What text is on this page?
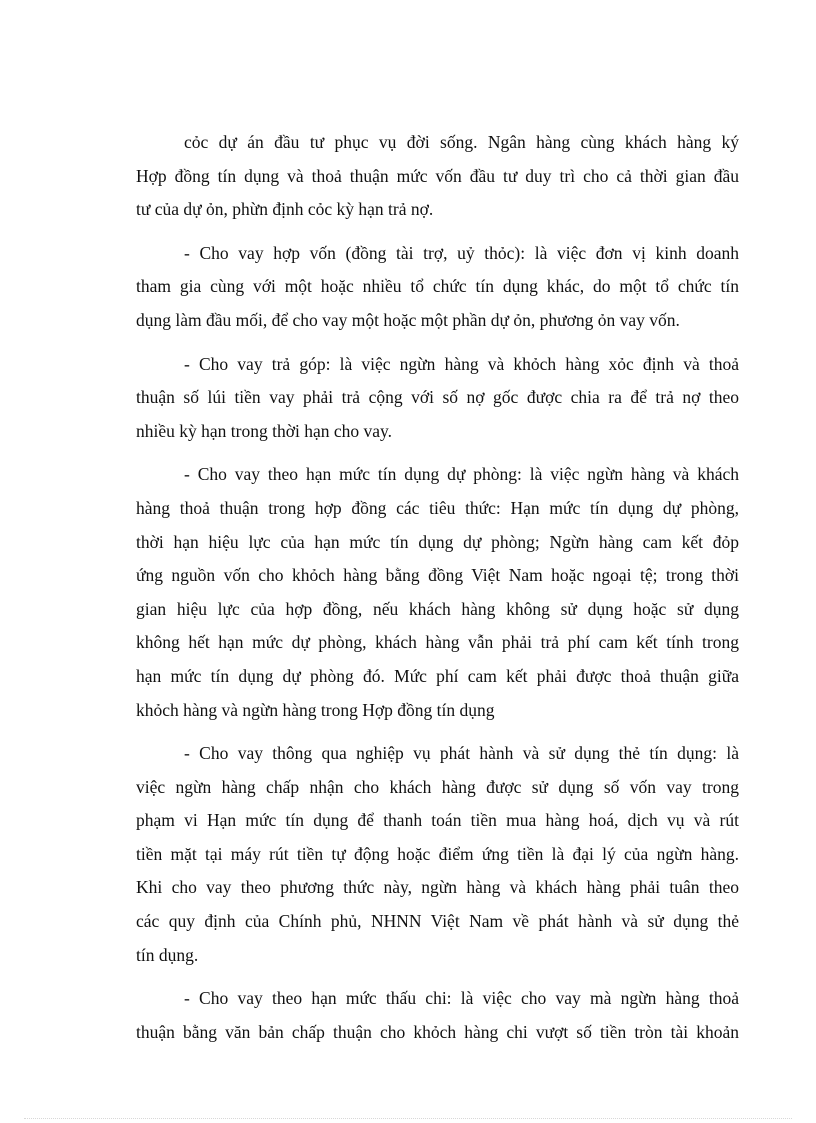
cỏc dự án đầu tư phục vụ đời sống. Ngân hàng cùng khách hàng ký
Hợp đồng tín dụng và thoả thuận mức vốn đầu tư duy trì cho cả thời gian đầu
tư của dự ỏn, phừn định cỏc kỳ hạn trả nợ.

- Cho vay hợp vốn (đồng tài trợ, uỷ thỏc): là việc đơn vị kinh doanh
tham gia cùng với một hoặc nhiều tổ chức tín dụng khác, do một tổ chức tín
dụng làm đầu mối, để cho vay một hoặc một phần dự ỏn, phương ỏn vay vốn.

- Cho vay trả góp: là việc ngừn hàng và khỏch hàng xỏc định và thoả
thuận số lúi tiền vay phải trả cộng với số nợ gốc được chia ra để trả nợ theo
nhiều kỳ hạn trong thời hạn cho vay.

- Cho vay theo hạn mức tín dụng dự phòng: là việc ngừn hàng và khách
hàng thoả thuận trong hợp đồng các tiêu thức: Hạn mức tín dụng dự phòng,
thời hạn hiệu lực của hạn mức tín dụng dự phòng; Ngừn hàng cam kết đỏp
ứng nguồn vốn cho khỏch hàng bằng đồng Việt Nam hoặc ngoại tệ; trong thời
gian hiệu lực của hợp đồng, nếu khách hàng không sử dụng hoặc sử dụng
không hết hạn mức dự phòng, khách hàng vẫn phải trả phí cam kết tính trong
hạn mức tín dụng dự phòng đó. Mức phí cam kết phải được thoả thuận giữa
khỏch hàng và ngừn hàng trong Hợp đồng tín dụng

- Cho vay thông qua nghiệp vụ phát hành và sử dụng thẻ tín dụng: là
việc ngừn hàng chấp nhận cho khách hàng được sử dụng số vốn vay trong
phạm vi Hạn mức tín dụng để thanh toán tiền mua hàng hoá, dịch vụ và rút
tiền mặt tại máy rút tiền tự động hoặc điểm ứng tiền là đại lý của ngừn hàng.
Khi cho vay theo phương thức này, ngừn hàng và khách hàng phải tuân theo
các quy định của Chính phủ, NHNN Việt Nam về phát hành và sử dụng thẻ
tín dụng.

- Cho vay theo hạn mức thấu chi: là việc cho vay mà ngừn hàng thoả
thuận bằng văn bản chấp thuận cho khỏch hàng chi vượt số tiền tròn tài khoản
